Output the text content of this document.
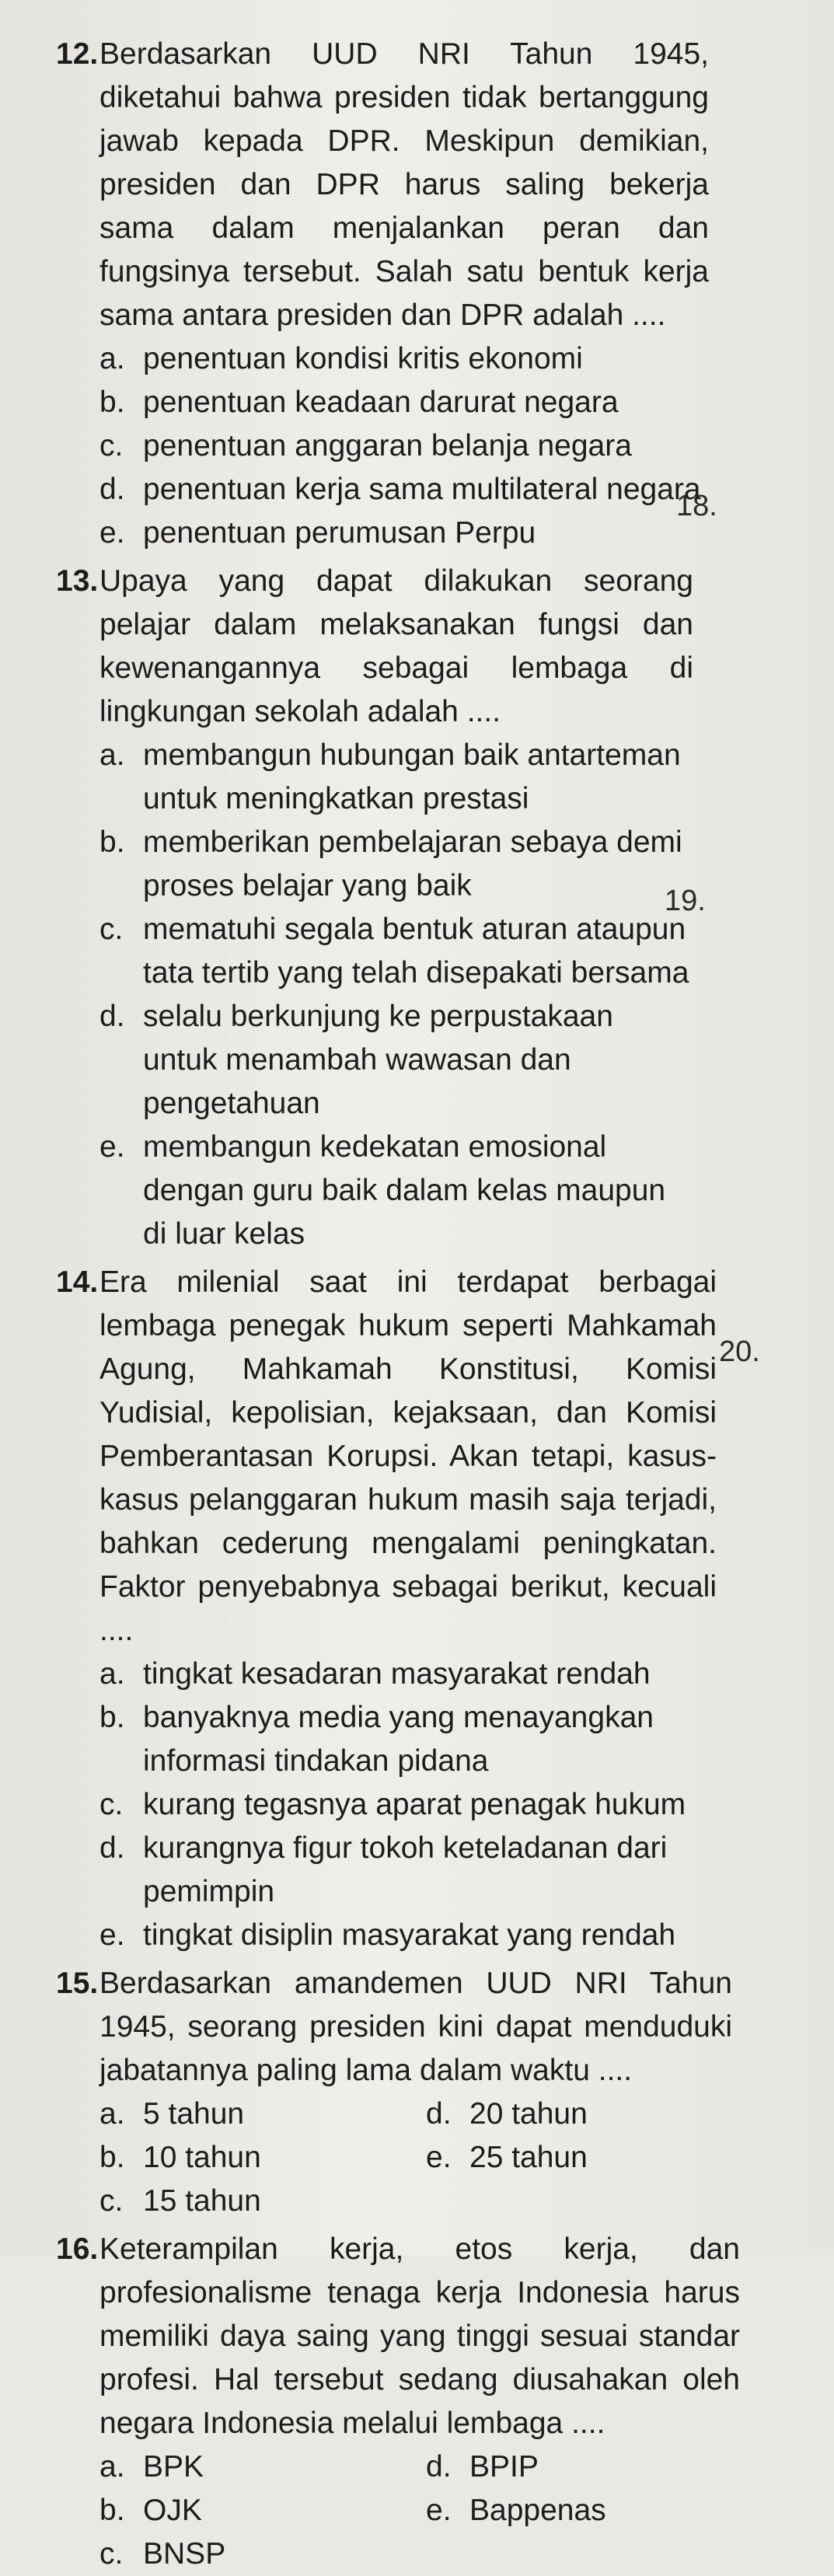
18.
19.
20.
12.Berdasarkan UUD NRI Tahun 1945, diketahui bahwa presiden tidak bertanggung jawab kepada DPR. Meskipun demikian, presiden dan DPR harus saling bekerja sama dalam menjalankan peran dan fungsinya tersebut. Salah satu bentuk kerja sama antara presiden dan DPR adalah ....
a. penentuan kondisi kritis ekonomi
b. penentuan keadaan darurat negara
c. penentuan anggaran belanja negara
d. penentuan kerja sama multilateral negara
e. penentuan perumusan Perpu
13.Upaya yang dapat dilakukan seorang pelajar dalam melaksanakan fungsi dan kewenangannya sebagai lembaga di lingkungan sekolah adalah ....
a. membangun hubungan baik antarteman untuk meningkatkan prestasi
b. memberikan pembelajaran sebaya demi proses belajar yang baik
c. mematuhi segala bentuk aturan ataupun tata tertib yang telah disepakati bersama
d. selalu berkunjung ke perpustakaan untuk menambah wawasan dan pengetahuan
e. membangun kedekatan emosional dengan guru baik dalam kelas maupun di luar kelas
14.Era milenial saat ini terdapat berbagai lembaga penegak hukum seperti Mahkamah Agung, Mahkamah Konstitusi, Komisi Yudisial, kepolisian, kejaksaan, dan Komisi Pemberantasan Korupsi. Akan tetapi, kasus-kasus pelanggaran hukum masih saja terjadi, bahkan cederung mengalami peningkatan. Faktor penyebabnya sebagai berikut, kecuali ....
a. tingkat kesadaran masyarakat rendah
b. banyaknya media yang menayangkan informasi tindakan pidana
c. kurang tegasnya aparat penagak hukum
d. kurangnya figur tokoh keteladanan dari pemimpin
e. tingkat disiplin masyarakat yang rendah
15.Berdasarkan amandemen UUD NRI Tahun 1945, seorang presiden kini dapat menduduki jabatannya paling lama dalam waktu ....
a. 5 tahun	d. 20 tahun
b. 10 tahun	e. 25 tahun
c. 15 tahun
16.Keterampilan kerja, etos kerja, dan profesionalisme tenaga kerja Indonesia harus memiliki daya saing yang tinggi sesuai standar profesi. Hal tersebut sedang diusahakan oleh negara Indonesia melalui lembaga ....
a. BPK	d. BPIP
b. OJK	e. Bappenas
c. BNSP
